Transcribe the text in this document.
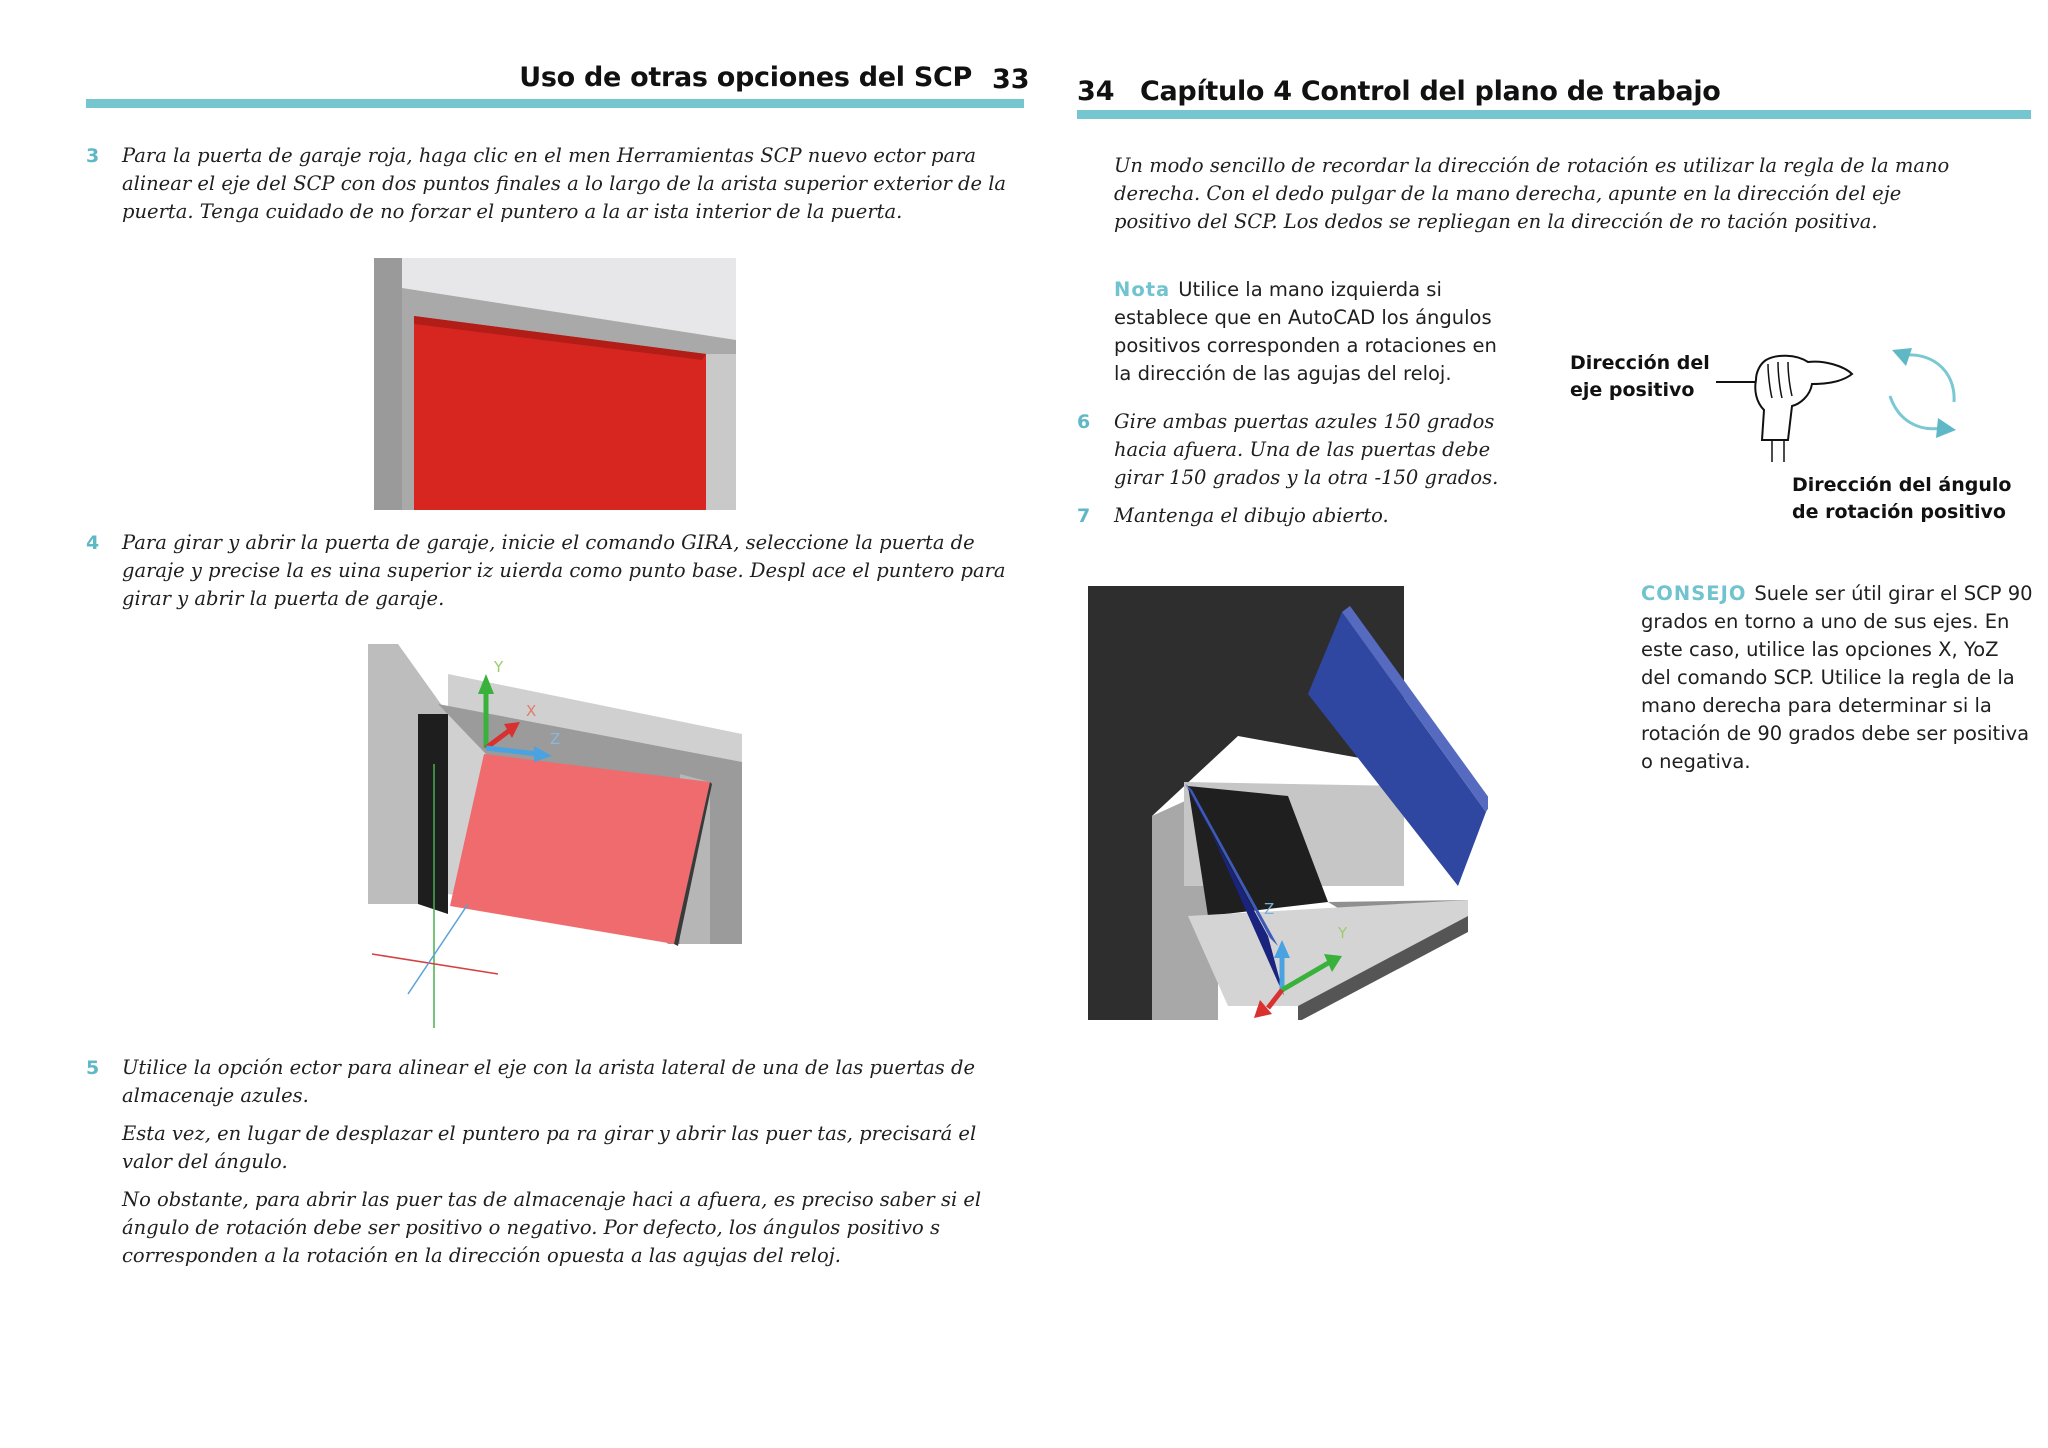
Uso de otras opciones del SCP 33
3 Para la puerta de garaje roja, haga clic en el men Herramientas SCP nuevo ector para alinear el eje del SCP con dos puntos finales a lo largo de la arista superior exterior de la puerta. Tenga cuidado de no forzar el puntero a la ar ista interior de la puerta.
4 Para girar y abrir la puerta de garaje, inicie el comando GIRA, seleccione la puerta de garaje y precise la es uina superior iz uierda como punto base. Despl ace el puntero para girar y abrir la puerta de garaje.
Y
X
Z
5 Utilice la opción ector para alinear el eje con la arista lateral de una de las puertas de almacenaje azules.
Esta vez, en lugar de desplazar el puntero pa ra girar y abrir las puer tas, precisará el valor del ángulo.
No obstante, para abrir las puer tas de almacenaje haci a afuera, es preciso saber si el ángulo de rotación debe ser positivo o negativo. Por defecto, los ángulos positivo s corresponden a la rotación en la dirección opuesta a las agujas del reloj.
34 Capítulo 4 Control del plano de trabajo
Un modo sencillo de recordar la dirección de rotación es utilizar la regla de la mano derecha. Con el dedo pulgar de la mano derecha, apunte en la dirección del eje positivo del SCP. Los dedos se repliegan en la dirección de ro tación positiva.
Nota Utilice la mano izquierda si establece que en AutoCAD los ángulos positivos corresponden a rotaciones en la dirección de las agujas del reloj.
6 Gire ambas puertas azules 150 grados hacia afuera. Una de las puertas debe girar 150 grados y la otra -150 grados.
7 Mantenga el dibujo abierto.
Dirección del eje positivo
Dirección del ángulo de rotación positivo
Z
Y
CONSEJO Suele ser útil girar el SCP 90 grados en torno a uno de sus ejes. En este caso, utilice las opciones X, YoZ del comando SCP. Utilice la regla de la mano derecha para determinar si la rotación de 90 grados debe ser positiva o negativa.
